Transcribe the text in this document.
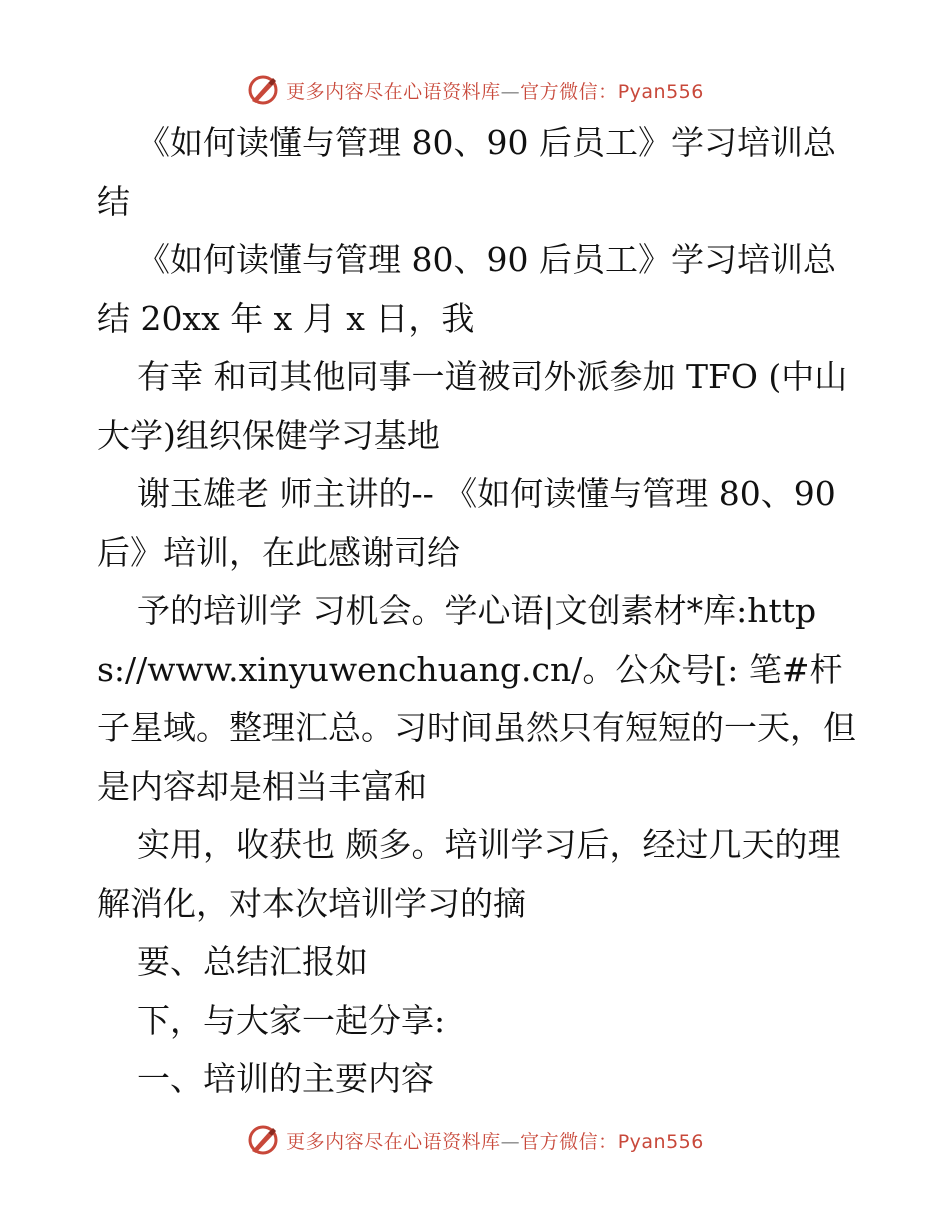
更多内容尽在心语资料库—官方微信：Pyan556

《如何读懂与管理 80、90 后员工》学习培训总结

《如何读懂与管理 80、90 后员工》学习培训总结 20xx 年 x 月 x 日，我

有幸 和司其他同事一道被司外派参加 TFO (中山大学)组织保健学习基地

谢玉雄老 师主讲的-- 《如何读懂与管理 80、90 后》培训，在此感谢司给

予的培训学 习机会。学心语|文创素材*库:https://www.xinyuwenchuang.cn/。公众号[: 笔#杆子星域。整理汇总。习时间虽然只有短短的一天，但是内容却是相当丰富和

实用，收获也 颇多。培训学习后，经过几天的理解消化，对本次培训学习的摘

要、总结汇报如

下，与大家一起分享:

一、培训的主要内容

更多内容尽在心语资料库—官方微信：Pyan556
